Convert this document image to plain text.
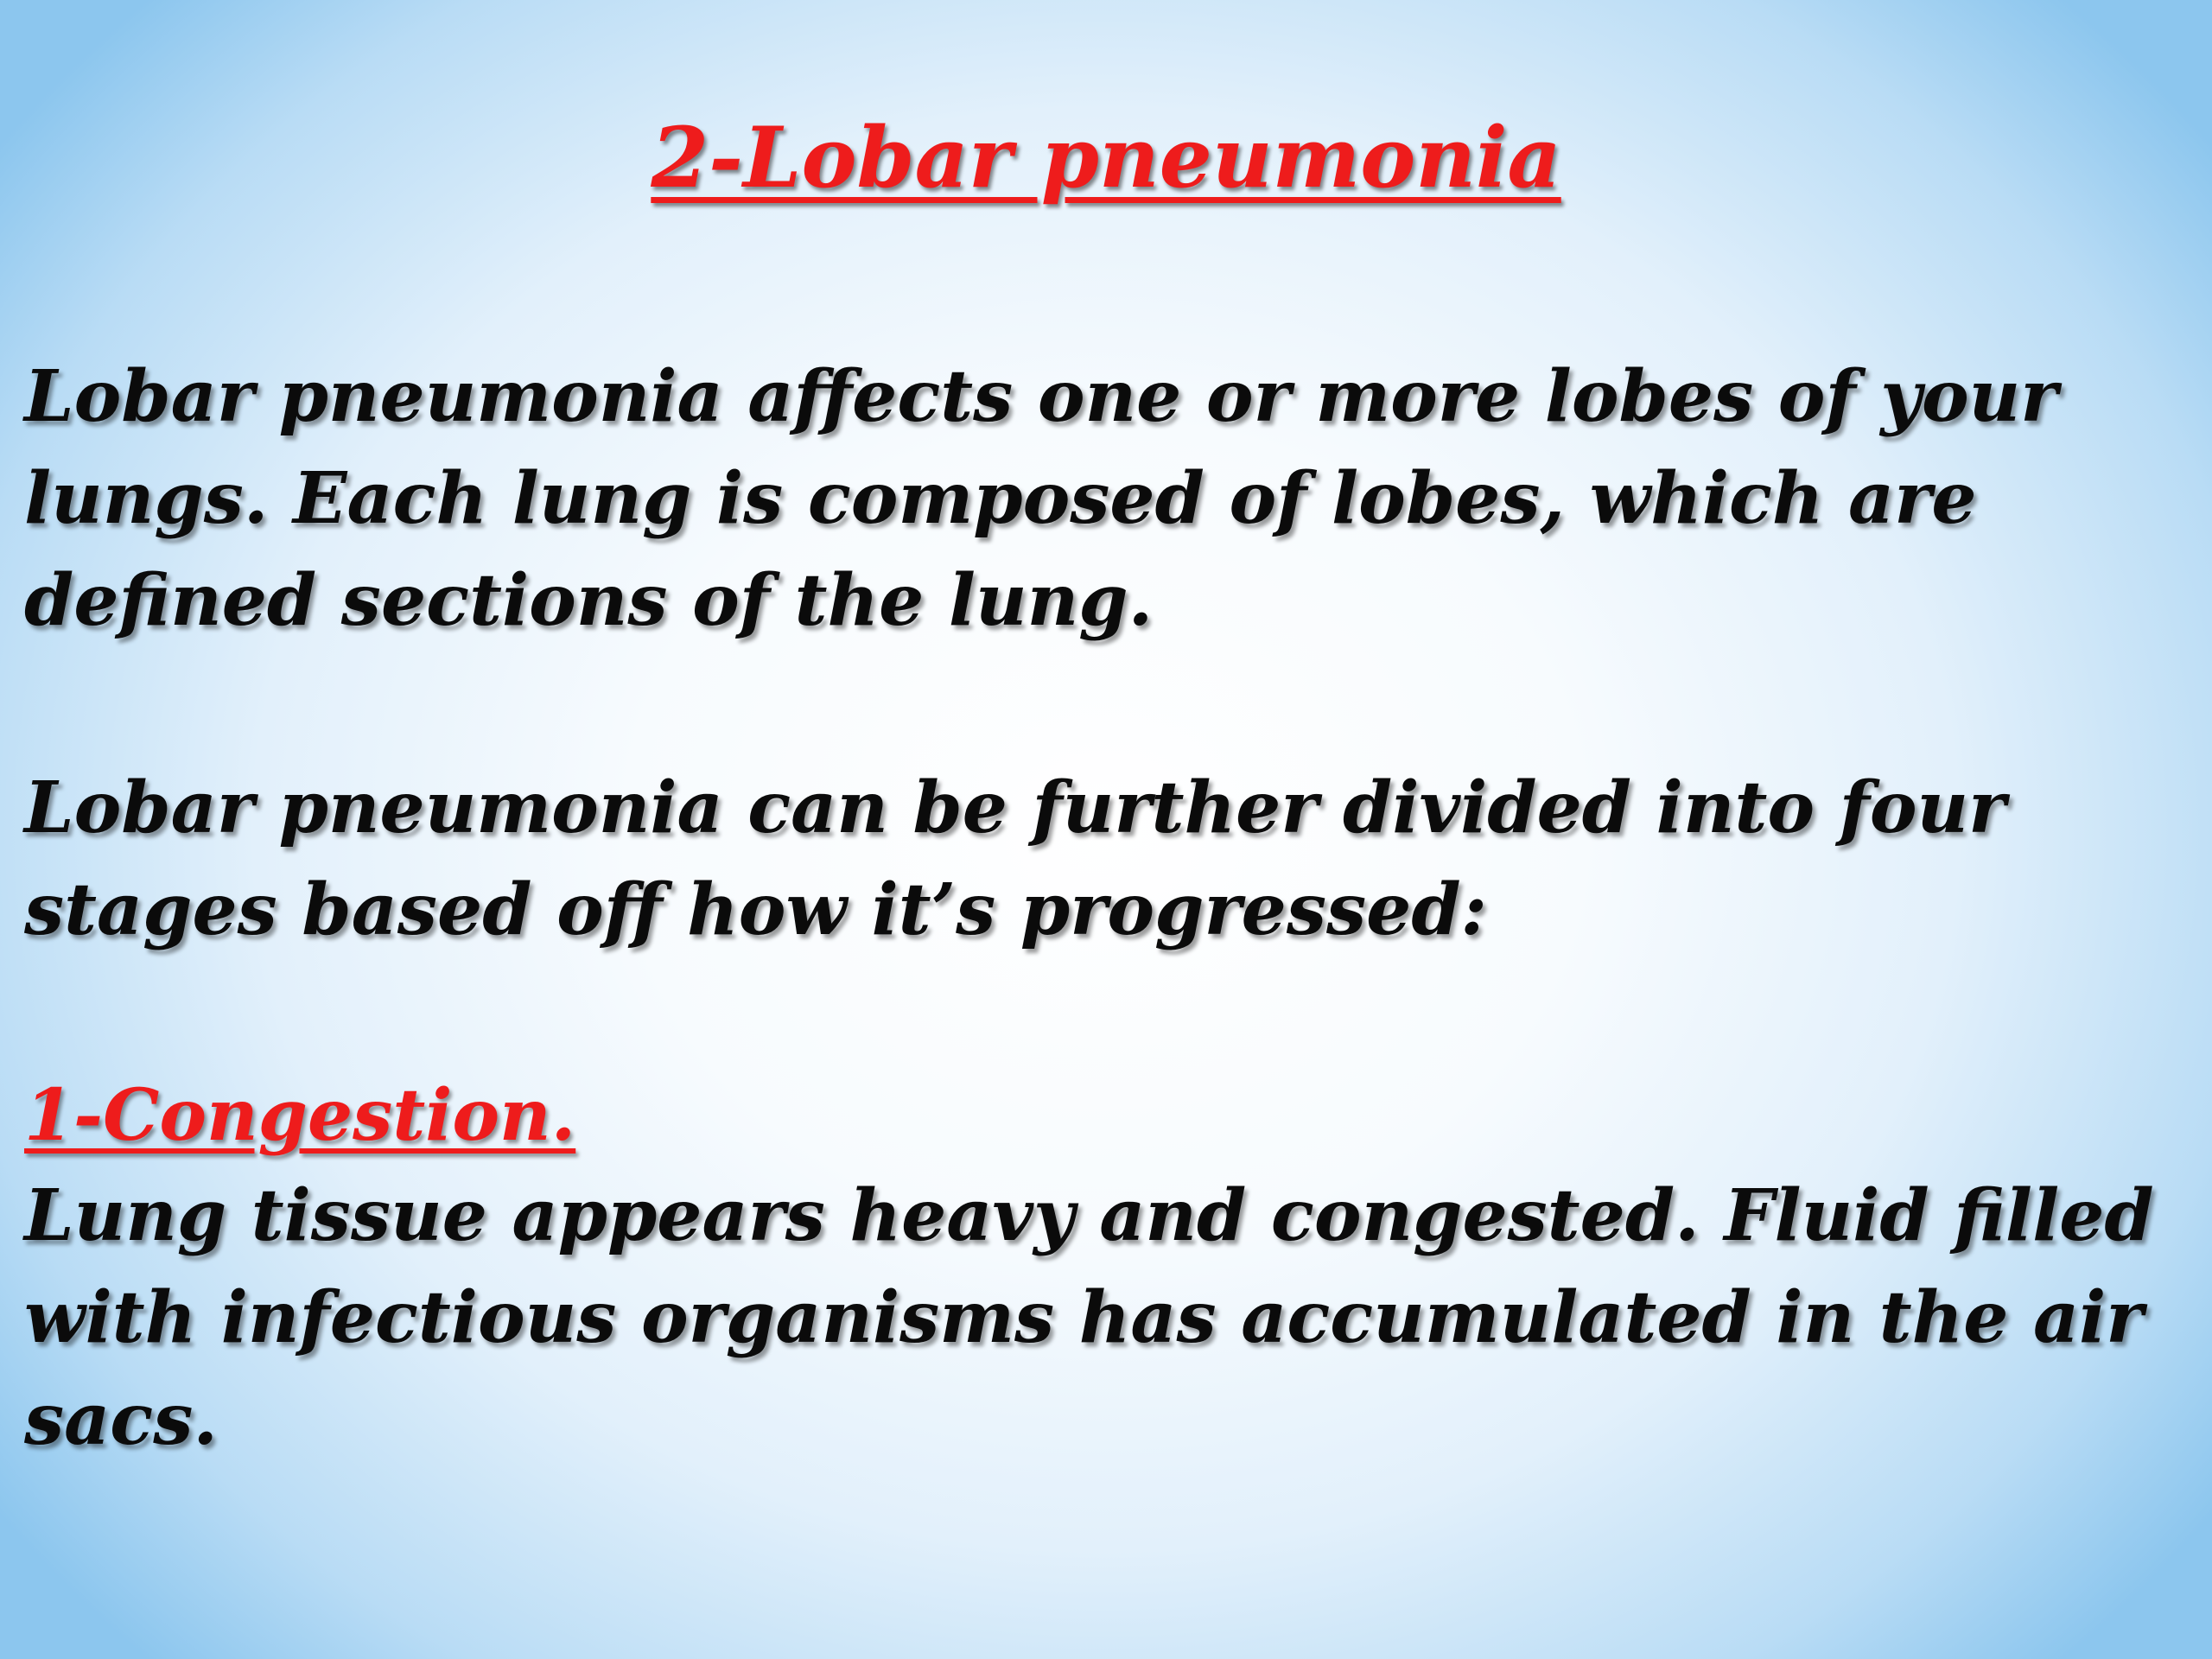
2-Lobar pneumonia

Lobar pneumonia affects one or more lobes of your lungs. Each lung is composed of lobes, which are defined sections of the lung.

Lobar pneumonia can be further divided into four stages based off how it’s progressed:

1-Congestion.

Lung tissue appears heavy and congested. Fluid filled with infectious organisms has accumulated in the air sacs.
